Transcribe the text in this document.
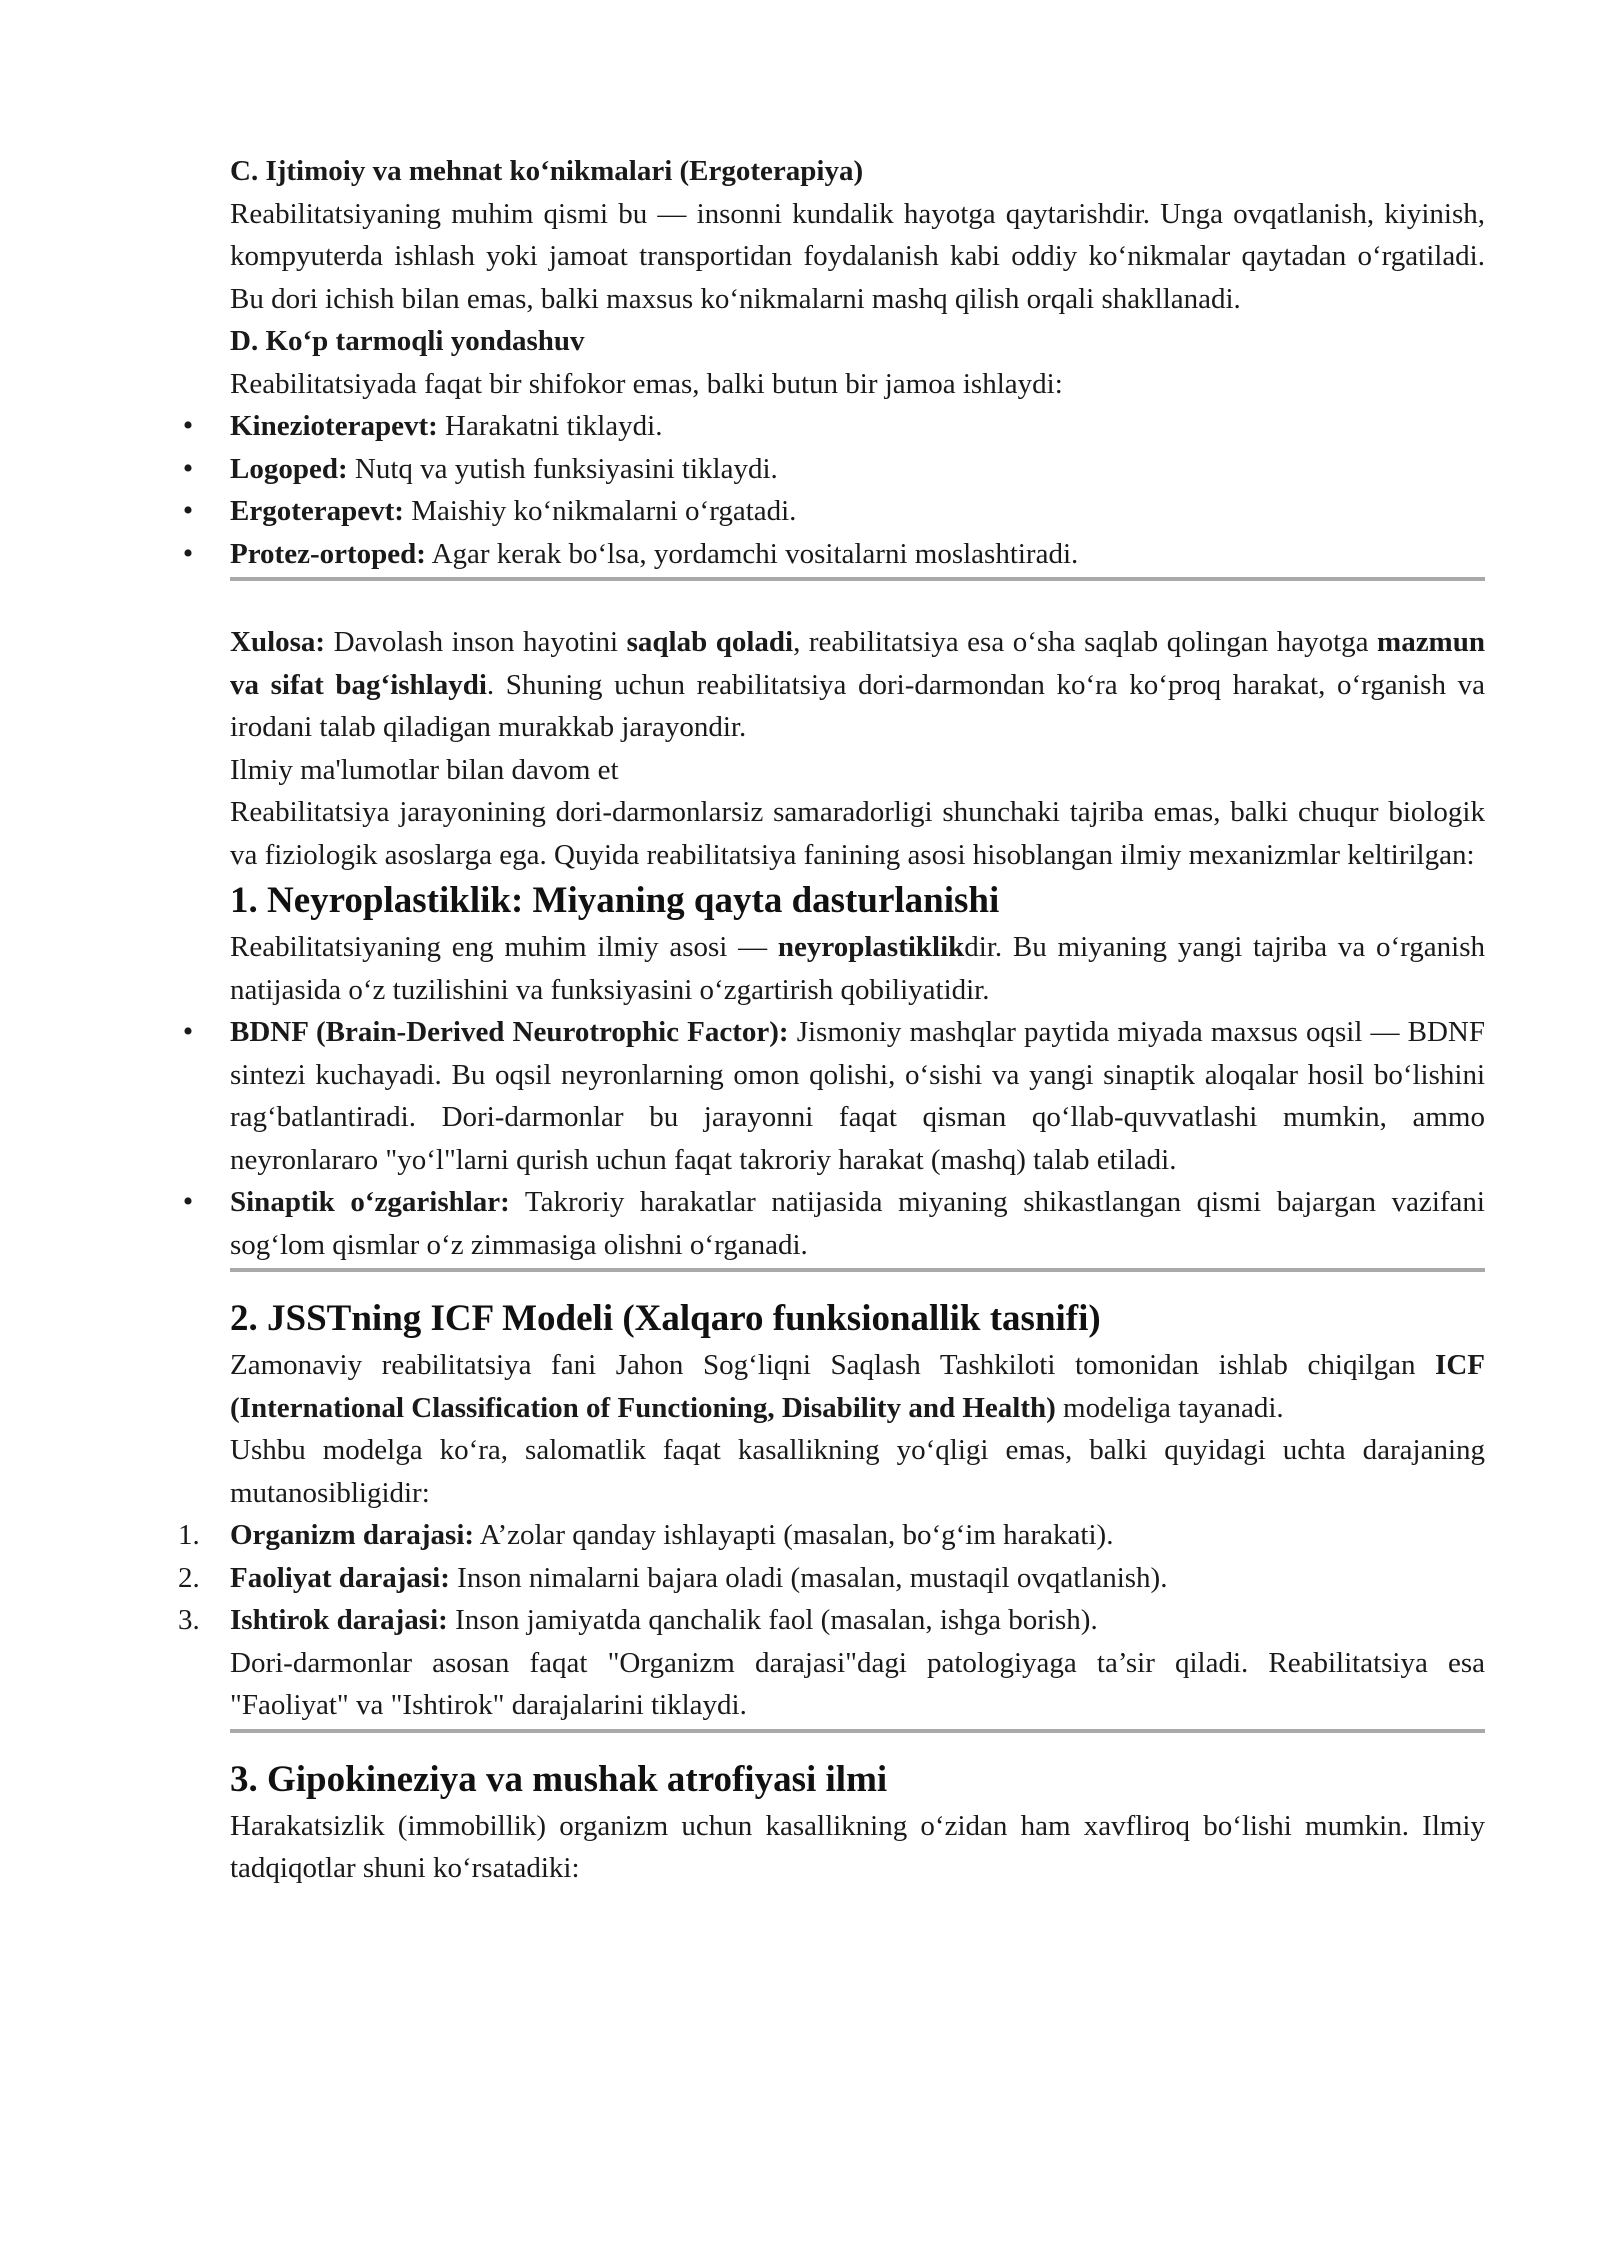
C. Ijtimoiy va mehnat ko‘nikmalari (Ergoterapiya)

Reabilitatsiyaning muhim qismi bu — insonni kundalik hayotga qaytarishdir. Unga ovqatlanish, kiyinish, kompyuterda ishlash yoki jamoat transportidan foydalanish kabi oddiy ko‘nikmalar qaytadan o‘rgatiladi. Bu dori ichish bilan emas, balki maxsus ko‘nikmalarni mashq qilish orqali shakllanadi.

D. Ko‘p tarmoqli yondashuv

Reabilitatsiyada faqat bir shifokor emas, balki butun bir jamoa ishlaydi:

• Kinezioterapevt: Harakatni tiklaydi.
• Logoped: Nutq va yutish funksiyasini tiklaydi.
• Ergoterapevt: Maishiy ko‘nikmalarni o‘rgatadi.
• Protez-ortoped: Agar kerak bo‘lsa, yordamchi vositalarni moslashtiradi.

Xulosa: Davolash inson hayotini saqlab qoladi, reabilitatsiya esa o‘sha saqlab qolingan hayotga mazmun va sifat bag‘ishlaydi. Shuning uchun reabilitatsiya dori-darmondan ko‘ra ko‘proq harakat, o‘rganish va irodani talab qiladigan murakkab jarayondir.

Ilmiy ma'lumotlar bilan davom et

Reabilitatsiya jarayonining dori-darmonlarsiz samaradorligi shunchaki tajriba emas, balki chuqur biologik va fiziologik asoslarga ega. Quyida reabilitatsiya fanining asosi hisoblangan ilmiy mexanizmlar keltirilgan:

1. Neyroplastiklik: Miyaning qayta dasturlanishi

Reabilitatsiyaning eng muhim ilmiy asosi — neyroplastiklikdir. Bu miyaning yangi tajriba va o‘rganish natijasida o‘z tuzilishini va funksiyasini o‘zgartirish qobiliyatidir.

• BDNF (Brain-Derived Neurotrophic Factor): Jismoniy mashqlar paytida miyada maxsus oqsil — BDNF sintezi kuchayadi. Bu oqsil neyronlarning omon qolishi, o‘sishi va yangi sinaptik aloqalar hosil bo‘lishini rag‘batlantiradi. Dori-darmonlar bu jarayonni faqat qisman qo‘llab-quvvatlashi mumkin, ammo neyronlararo "yo‘l"larni qurish uchun faqat takroriy harakat (mashq) talab etiladi.
• Sinaptik o‘zgarishlar: Takroriy harakatlar natijasida miyaning shikastlangan qismi bajargan vazifani sog‘lom qismlar o‘z zimmasiga olishni o‘rganadi.
2. JSSTning ICF Modeli (Xalqaro funksionallik tasnifi)

Zamonaviy reabilitatsiya fani Jahon Sog‘liqni Saqlash Tashkiloti tomonidan ishlab chiqilgan ICF (International Classification of Functioning, Disability and Health) modeliga tayanadi.

Ushbu modelga ko‘ra, salomatlik faqat kasallikning yo‘qligi emas, balki quyidagi uchta darajaning mutanosibligidir:

1. Organizm darajasi: A’zolar qanday ishlayapti (masalan, bo‘g‘im harakati).
2. Faoliyat darajasi: Inson nimalarni bajara oladi (masalan, mustaqil ovqatlanish).
3. Ishtirok darajasi: Inson jamiyatda qanchalik faol (masalan, ishga borish).

Dori-darmonlar asosan faqat "Organizm darajasi"dagi patologiyaga ta’sir qiladi. Reabilitatsiya esa "Faoliyat" va "Ishtirok" darajalarini tiklaydi.

3. Gipokineziya va mushak atrofiyasi ilmi

Harakatsizlik (immobillik) organizm uchun kasallikning o‘zidan ham xavfliroq bo‘lishi mumkin. Ilmiy tadqiqotlar shuni ko‘rsatadiki:
